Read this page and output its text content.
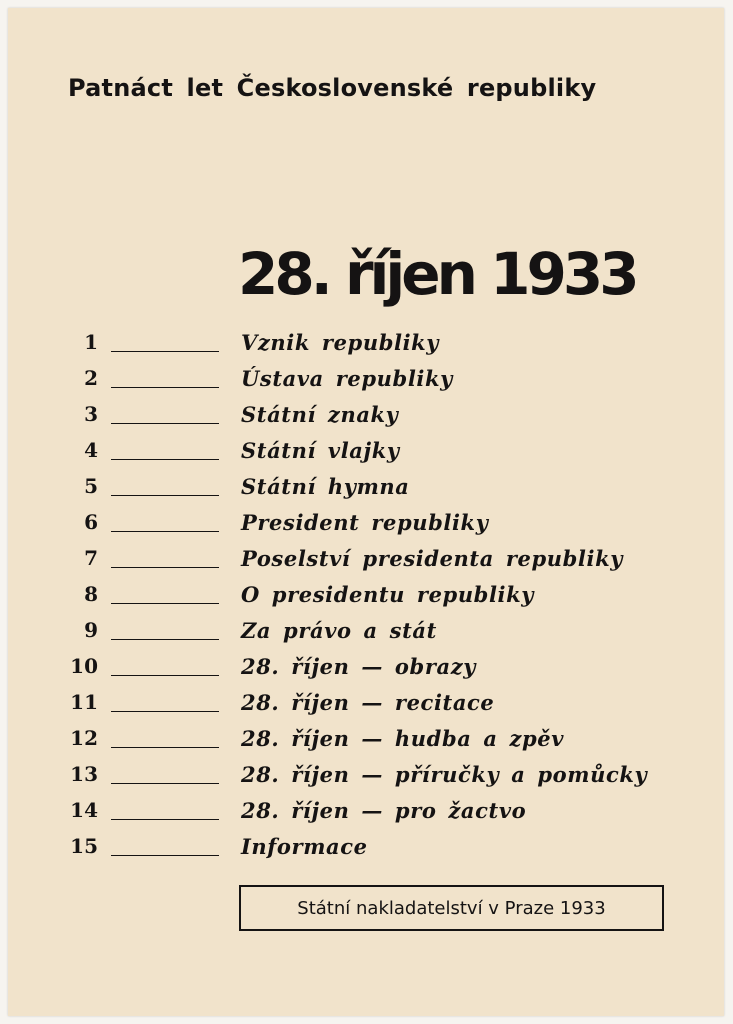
Patnáct let Československé republiky
28. říjen 1933
1	Vznik republiky
2	Ústava republiky
3	Státní znaky
4	Státní vlajky
5	Státní hymna
6	President republiky
7	Poselství presidenta republiky
8	O presidentu republiky
9	Za právo a stát
10	28. říjen — obrazy
11	28. říjen — recitace
12	28. říjen — hudba a zpěv
13	28. říjen — příručky a pomůcky
14	28. říjen — pro žactvo
15	Informace
Státní nakladatelství v Praze 1933
